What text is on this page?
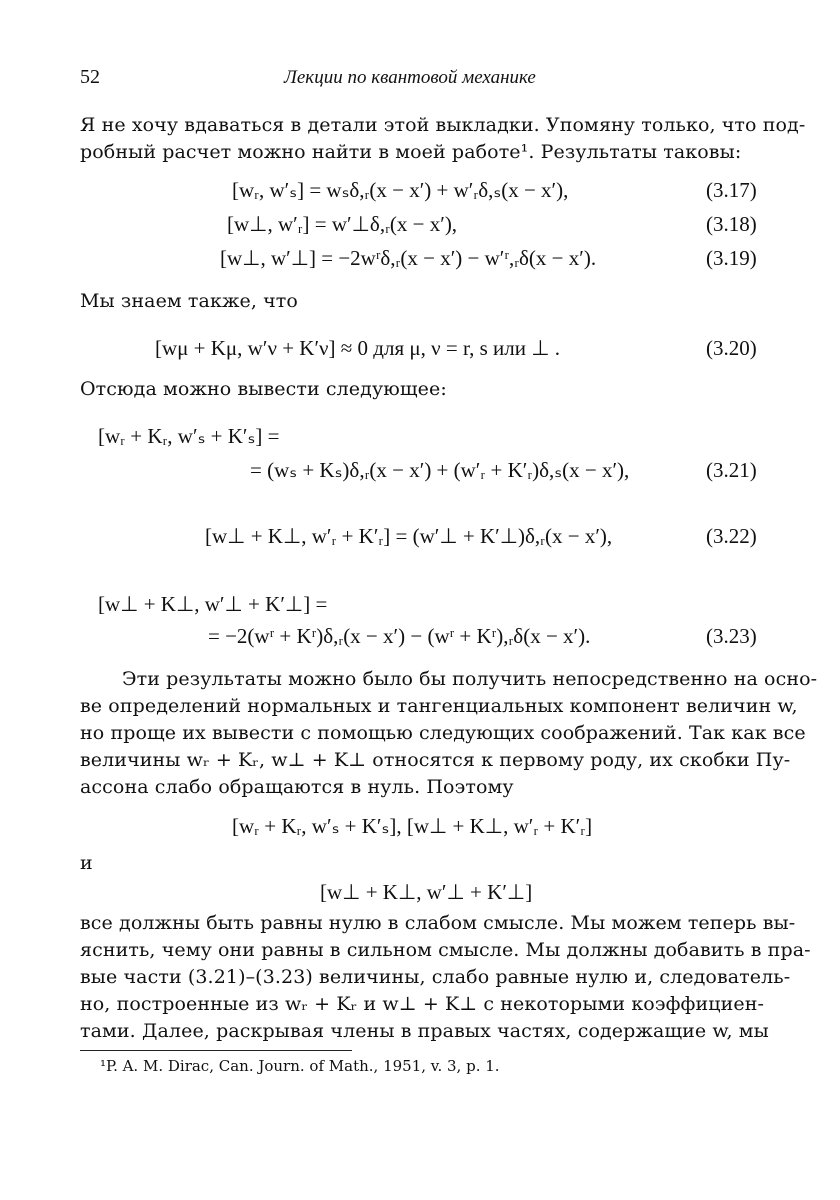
52	Лекции по квантовой механике
Я не хочу вдаваться в детали этой выкладки. Упомяну только, что под-
робный расчет можно найти в моей работе¹. Результаты таковы:
[wᵣ, w′ₛ] = wₛδ,ᵣ(x − x′) + w′ᵣδ,ₛ(x − x′),	(3.17)
[w⊥, w′ᵣ] = w′⊥δ,ᵣ(x − x′),	(3.18)
[w⊥, w′⊥] = −2wʳδ,ᵣ(x − x′) − w′ʳ,ᵣδ(x − x′).	(3.19)
Мы знаем также, что
[wμ + Kμ, w′ν + K′ν] ≈ 0 для μ, ν = r, s или ⊥ .	(3.20)
Отсюда можно вывести следующее:
[wᵣ + Kᵣ, w′ₛ + K′ₛ] =
= (wₛ + Kₛ)δ,ᵣ(x − x′) + (w′ᵣ + K′ᵣ)δ,ₛ(x − x′),	(3.21)
[w⊥ + K⊥, w′ᵣ + K′ᵣ] = (w′⊥ + K′⊥)δ,ᵣ(x − x′),	(3.22)
[w⊥ + K⊥, w′⊥ + K′⊥] =
= −2(wʳ + Kʳ)δ,ᵣ(x − x′) − (wʳ + Kʳ),ᵣδ(x − x′).	(3.23)
Эти результаты можно было бы получить непосредственно на осно-
ве определений нормальных и тангенциальных компонент величин w,
но проще их вывести с помощью следующих соображений. Так как все
величины wᵣ + Kᵣ, w⊥ + K⊥ относятся к первому роду, их скобки Пу-
ассона слабо обращаются в нуль. Поэтому
[wᵣ + Kᵣ, w′ₛ + K′ₛ], [w⊥ + K⊥, w′ᵣ + K′ᵣ]
и
[w⊥ + K⊥, w′⊥ + K′⊥]
все должны быть равны нулю в слабом смысле. Мы можем теперь вы-
яснить, чему они равны в сильном смысле. Мы должны добавить в пра-
вые части (3.21)–(3.23) величины, слабо равные нулю и, следователь-
но, построенные из wᵣ + Kᵣ и w⊥ + K⊥ с некоторыми коэффициен-
тами. Далее, раскрывая члены в правых частях, содержащие w, мы
¹P. A. M. Dirac, Can. Journ. of Math., 1951, v. 3, p. 1.
